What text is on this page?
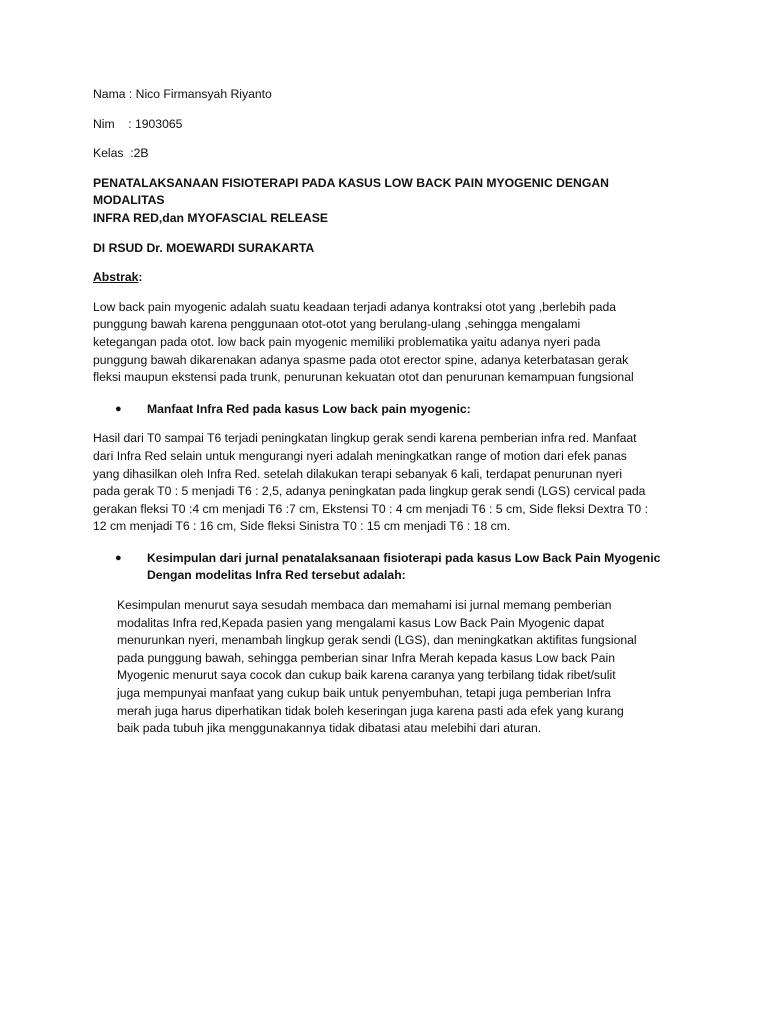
Nama : Nico Firmansyah Riyanto

Nim    : 1903065

Kelas  :2B

PENATALAKSANAAN FISIOTERAPI PADA KASUS LOW BACK PAIN MYOGENIC DENGAN MODALITAS
INFRA RED,dan MYOFASCIAL RELEASE

DI RSUD Dr. MOEWARDI SURAKARTA

Abstrak:

Low back pain myogenic adalah suatu keadaan terjadi adanya kontraksi otot yang ,berlebih pada
punggung bawah karena penggunaan otot-otot yang berulang-ulang ,sehingga mengalami
ketegangan pada otot. low back pain myogenic memiliki problematika yaitu adanya nyeri pada
punggung bawah dikarenakan adanya spasme pada otot erector spine, adanya keterbatasan gerak
fleksi maupun ekstensi pada trunk, penurunan kekuatan otot dan penurunan kemampuan fungsional
● Manfaat Infra Red pada kasus Low back pain myogenic:
Hasil dari T0 sampai T6 terjadi peningkatan lingkup gerak sendi karena pemberian infra red. Manfaat
dari Infra Red selain untuk mengurangi nyeri adalah meningkatkan range of motion dari efek panas
yang dihasilkan oleh Infra Red. setelah dilakukan terapi sebanyak 6 kali, terdapat penurunan nyeri
pada gerak T0 : 5 menjadi T6 : 2,5, adanya peningkatan pada lingkup gerak sendi (LGS) cervical pada
gerakan fleksi T0 :4 cm menjadi T6 :7 cm, Ekstensi T0 : 4 cm menjadi T6 : 5 cm, Side fleksi Dextra T0 :
12 cm menjadi T6 : 16 cm, Side fleksi Sinistra T0 : 15 cm menjadi T6 : 18 cm.
● Kesimpulan dari jurnal penatalaksanaan fisioterapi pada kasus Low Back Pain Myogenic
Dengan modelitas Infra Red tersebut adalah:
Kesimpulan menurut saya sesudah membaca dan memahami isi jurnal memang pemberian
modalitas Infra red,Kepada pasien yang mengalami kasus Low Back Pain Myogenic dapat
menurunkan nyeri, menambah lingkup gerak sendi (LGS), dan meningkatkan aktifitas fungsional
pada punggung bawah, sehingga pemberian sinar Infra Merah kepada kasus Low back Pain
Myogenic menurut saya cocok dan cukup baik karena caranya yang terbilang tidak ribet/sulit
juga mempunyai manfaat yang cukup baik untuk penyembuhan, tetapi juga pemberian Infra
merah juga harus diperhatikan tidak boleh keseringan juga karena pasti ada efek yang kurang
baik pada tubuh jika menggunakannya tidak dibatasi atau melebihi dari aturan.
